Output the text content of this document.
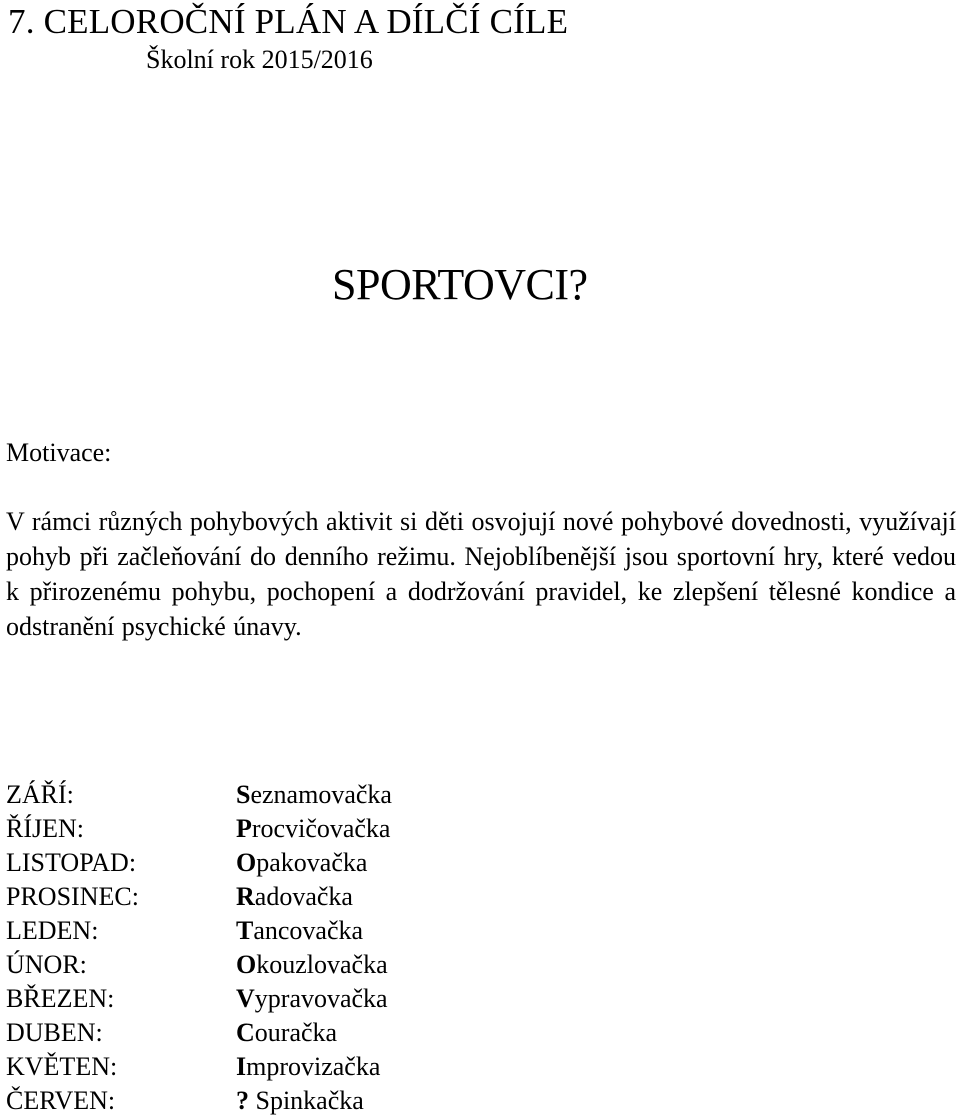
7. CELOROČNÍ PLÁN A DÍLČÍ CÍLE
Školní rok 2015/2016
SPORTOVCI?
Motivace:
V rámci různých pohybových aktivit si děti osvojují nové pohybové dovednosti, využívají pohyb při začleňování do denního režimu. Nejoblíbenější jsou sportovní hry, které vedou k přirozenému pohybu, pochopení a dodržování pravidel, ke zlepšení tělesné kondice a odstranění psychické únavy.
ZÁŘÍ:	Seznamovačka
ŘÍJEN:	Procvičovačka
LISTOPAD:	Opakovačka
PROSINEC:	Radovačka
LEDEN:	Tancovačka
ÚNOR:	Okouzlovačka
BŘEZEN:	Vypravovačka
DUBEN:	Couračka
KVĚTEN:	Improvizačka
ČERVEN:	? Spinkačka
